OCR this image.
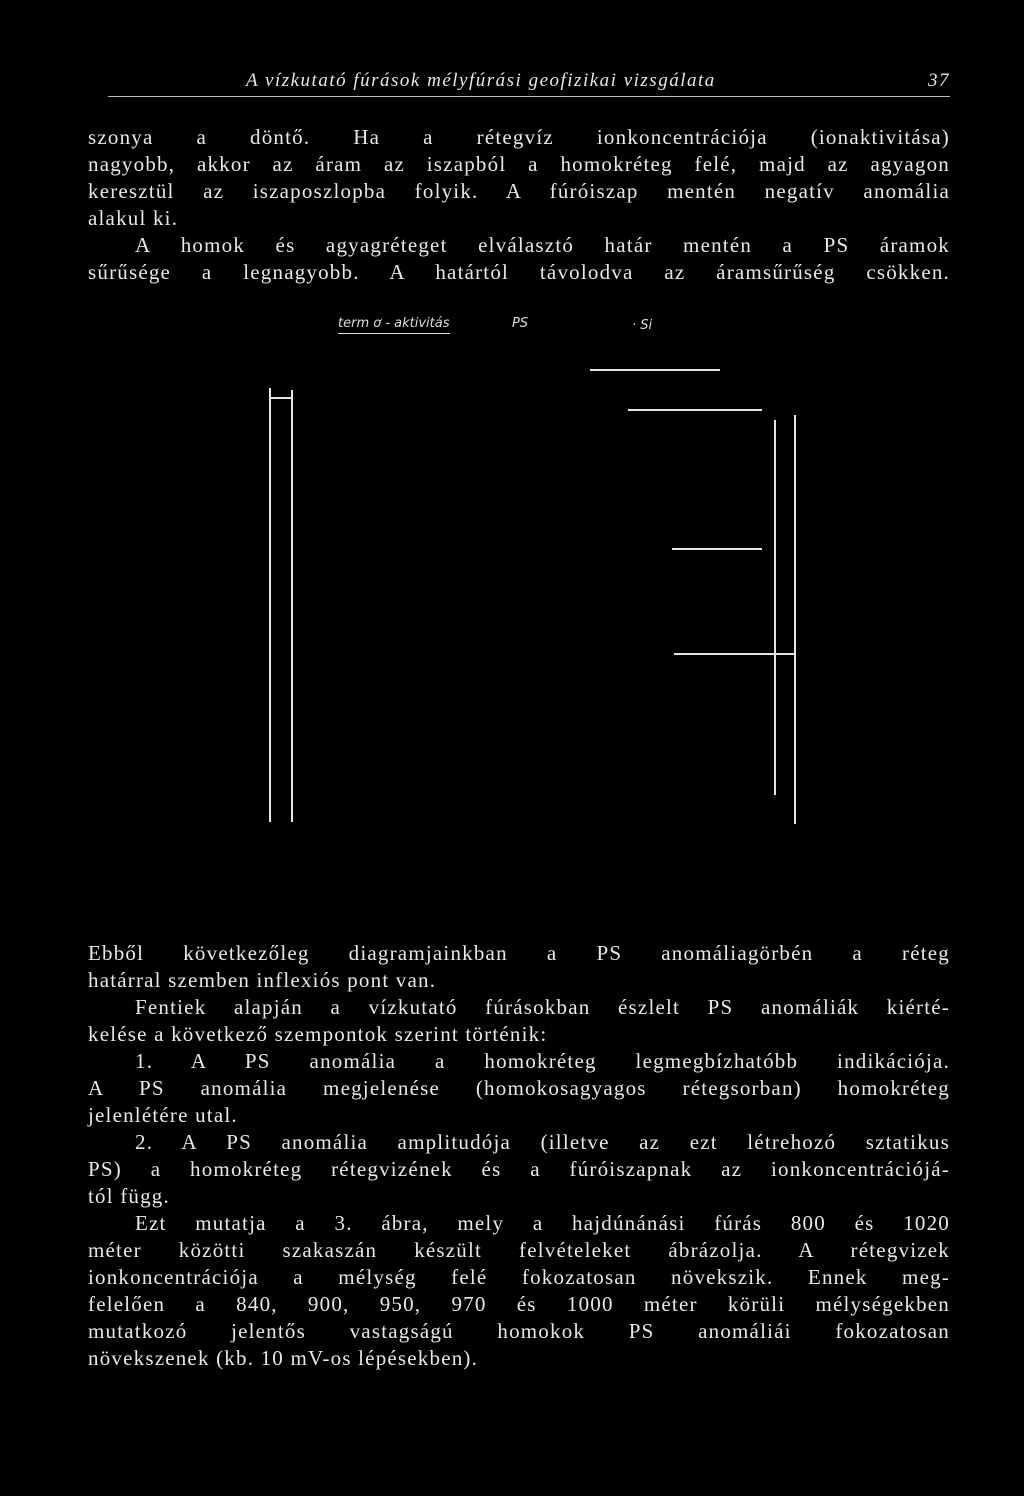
A vízkutató fúrások mélyfúrási geofizikai vizsgálata	37
szonya a döntő. Ha a rétegvíz ionkoncentrációja (ionaktivitása)
nagyobb, akkor az áram az iszapból a homokréteg felé, majd az agyagon
keresztül az iszaposzlopba folyik. A fúróiszap mentén negatív anomália
alakul ki.
A homok és agyagréteget elválasztó határ mentén a PS áramok
sűrűsége a legnagyobb. A határtól távolodva az áramsűrűség csökken.
term ơ - aktivitás	PS	· Si
Ebből következőleg diagramjainkban a PS anomáliagörbén a réteg
határral szemben inflexiós pont van.
Fentiek alapján a vízkutató fúrásokban észlelt PS anomáliák kiérté-
kelése a következő szempontok szerint történik:
1. A PS anomália a homokréteg legmegbízhatóbb indikációja.
A PS anomália megjelenése (homokosagyagos rétegsorban) homokréteg
jelenlétére utal.
2. A PS anomália amplitudója (illetve az ezt létrehozó sztatikus
PS) a homokréteg rétegvizének és a fúróiszapnak az ionkoncentrációjá-
tól függ.
Ezt mutatja a 3. ábra, mely a hajdúnánási fúrás 800 és 1020
méter közötti szakaszán készült felvételeket ábrázolja. A rétegvizek
ionkoncentrációja a mélység felé fokozatosan növekszik. Ennek meg-
felelően a 840, 900, 950, 970 és 1000 méter körüli mélységekben
mutatkozó jelentős vastagságú homokok PS anomáliái fokozatosan
növekszenek (kb. 10 mV-os lépésekben).
